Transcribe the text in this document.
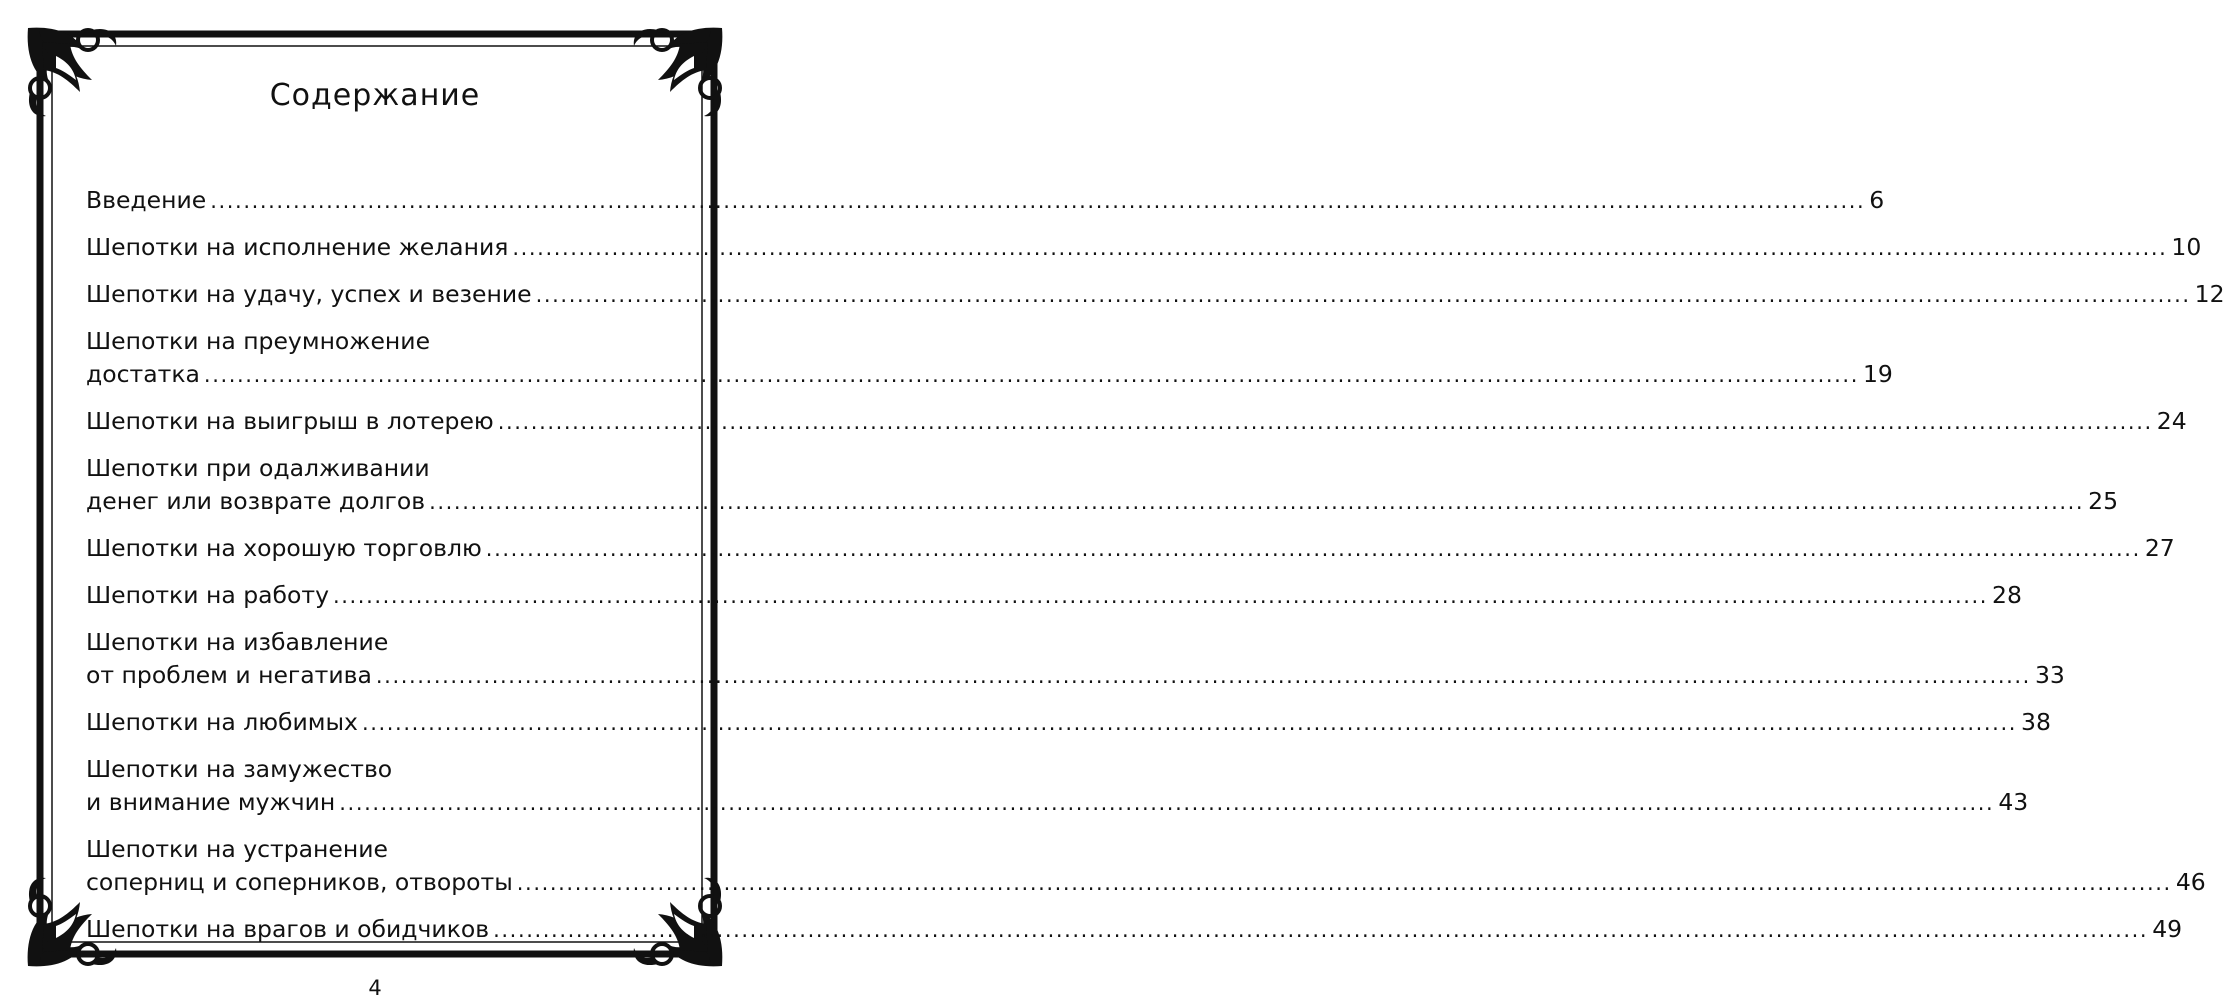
Содержание
Введение ........................................................................................................................................................................................................ 6
Шепотки на исполнение желания ........................................................................................................................................................................................................ 10
Шепотки на удачу, успех и везение ........................................................................................................................................................................................................ 12
Шепотки на преумножение
достатка ........................................................................................................................................................................................................ 19
Шепотки на выигрыш в лотерею ........................................................................................................................................................................................................ 24
Шепотки при одалживании
денег или возврате долгов ........................................................................................................................................................................................................ 25
Шепотки на хорошую торговлю ........................................................................................................................................................................................................ 27
Шепотки на работу ........................................................................................................................................................................................................ 28
Шепотки на избавление
от проблем и негатива ........................................................................................................................................................................................................ 33
Шепотки на любимых ........................................................................................................................................................................................................ 38
Шепотки на замужество
и внимание мужчин ........................................................................................................................................................................................................ 43
Шепотки на устранение
соперниц и соперников, отвороты ........................................................................................................................................................................................................ 46
Шепотки на врагов и обидчиков ........................................................................................................................................................................................................ 49
4
